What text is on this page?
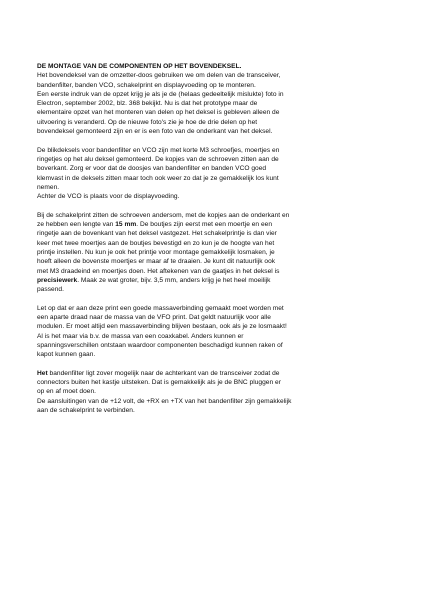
DE MONTAGE VAN DE COMPONENTEN OP HET BOVENDEKSEL.
Het bovendeksel van de omzetter-doos gebruiken we om delen van de transceiver,
bandenfilter, banden VCO, schakelprint en displayvoeding op te monteren.
Een eerste indruk van de opzet krijg je als je de (helaas gedeeltelijk mislukte) foto in
Electron, september 2002, blz. 368 bekijkt. Nu is dat het prototype maar de
elementaire opzet van het monteren van delen op het deksel is gebleven alleen de
uitvoering is veranderd. Op de nieuwe foto's zie je hoe de drie delen op het
bovendeksel gemonteerd zijn en er is een foto van de onderkant van het deksel.
De blikdeksels voor bandenfilter en VCO zijn met korte M3 schroefjes, moertjes en
ringetjes op het alu deksel gemonteerd. De kopjes van de schroeven zitten aan de
boverkant. Zorg er voor dat de doosjes van bandenfilter en banden VCO goed
klemvast in de deksels zitten maar toch ook weer zo dat je ze gemakkelijk los kunt
nemen.
Achter de VCO is plaats voor de displayvoeding.
Bij de schakelprint zitten de schroeven andersom, met de kopjes aan de onderkant en
ze hebben een lengte van 15 mm. De boutjes zijn eerst met een moertje en een
ringetje aan de bovenkant van het deksel vastgezet. Het schakelprintje is dan vier
keer met twee moertjes aan de boutjes bevestigd en zo kun je de hoogte van het
printje instellen. Nu kun je ook het printje voor montage gemakkelijk losmaken, je
hoeft alleen de bovenste moertjes er maar af te draaien. Je kunt dit natuurlijk ook
met M3 draadeind en moertjes doen. Het aftekenen van de gaatjes in het deksel is
precisiewerk. Maak ze wat groter, bijv. 3,5 mm, anders krijg je het heel moeilijk
passend.
Let op dat er aan deze print een goede massaverbinding gemaakt moet worden met
een aparte draad naar de massa van de VFO print. Dat geldt natuurlijk voor alle
modulen. Er moet altijd een massaverbinding blijven bestaan, ook als je ze losmaakt!
Al is het maar via b.v. de massa van een coaxkabel. Anders kunnen er
spanningsverschillen ontstaan waardoor componenten beschadigd kunnen raken of
kapot kunnen gaan.
Het bandenfilter ligt zover mogelijk naar de achterkant van de transceiver zodat de
connectors buiten het kastje uitsteken. Dat is gemakkelijk als je de BNC pluggen er
op en af moet doen.
De aansluitingen van de +12 volt, de +RX en +TX van het bandenfilter zijn gemakkelijk
aan de schakelprint te verbinden.
